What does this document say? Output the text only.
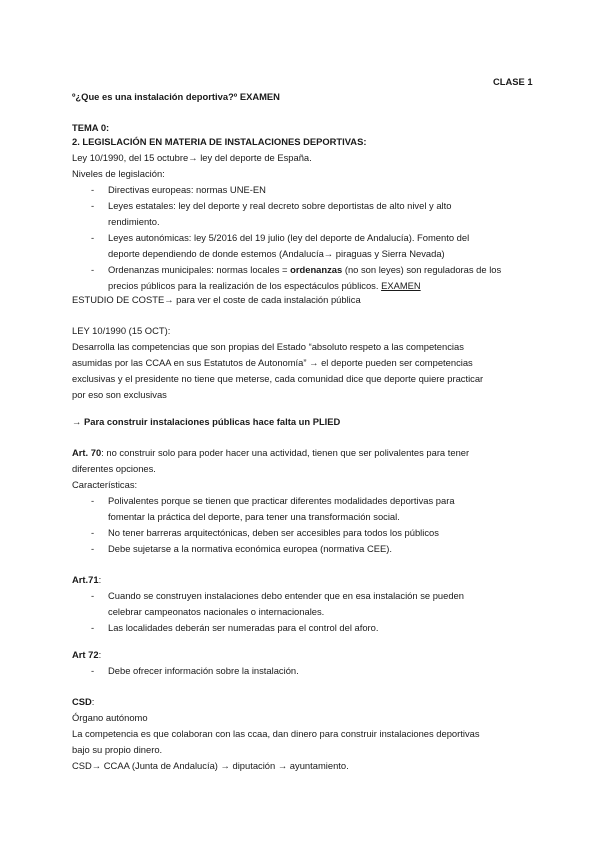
CLASE 1
º¿Que es una instalación deportiva?º EXAMEN
TEMA 0:
2. LEGISLACIÓN EN MATERIA DE INSTALACIONES DEPORTIVAS:
Ley 10/1990, del 15 octubre→ ley del deporte de España.
Niveles de legislación:
- Directivas europeas: normas UNE-EN
- Leyes estatales: ley del deporte y real decreto sobre deportistas de alto nivel y alto
rendimiento.
- Leyes autonómicas: ley 5/2016 del 19 julio (ley del deporte de Andalucía). Fomento del
deporte dependiendo de donde estemos (Andalucía→ piraguas y Sierra Nevada)
- Ordenanzas municipales: normas locales = ordenanzas (no son leyes) son reguladoras de los
precios públicos para la realización de los espectáculos públicos. EXAMEN
ESTUDIO DE COSTE→ para ver el coste de cada instalación pública
LEY 10/1990 (15 OCT):
Desarrolla las competencias que son propias del Estado “absoluto respeto a las competencias
asumidas por las CCAA en sus Estatutos de Autonomía” → el deporte pueden ser competencias
exclusivas y el presidente no tiene que meterse, cada comunidad dice que deporte quiere practicar
por eso son exclusivas
→ Para construir instalaciones públicas hace falta un PLIED
Art. 70: no construir solo para poder hacer una actividad, tienen que ser polivalentes para tener
diferentes opciones.
Características:
- Polivalentes porque se tienen que practicar diferentes modalidades deportivas para
fomentar la práctica del deporte, para tener una transformación social.
- No tener barreras arquitectónicas, deben ser accesibles para todos los públicos
- Debe sujetarse a la normativa económica europea (normativa CEE).
Art.71:
- Cuando se construyen instalaciones debo entender que en esa instalación se pueden
celebrar campeonatos nacionales o internacionales.
- Las localidades deberán ser numeradas para el control del aforo.
Art 72:
- Debe ofrecer información sobre la instalación.
CSD:
Órgano autónomo
La competencia es que colaboran con las ccaa, dan dinero para construir instalaciones deportivas
bajo su propio dinero.
CSD→ CCAA (Junta de Andalucía) → diputación → ayuntamiento.
